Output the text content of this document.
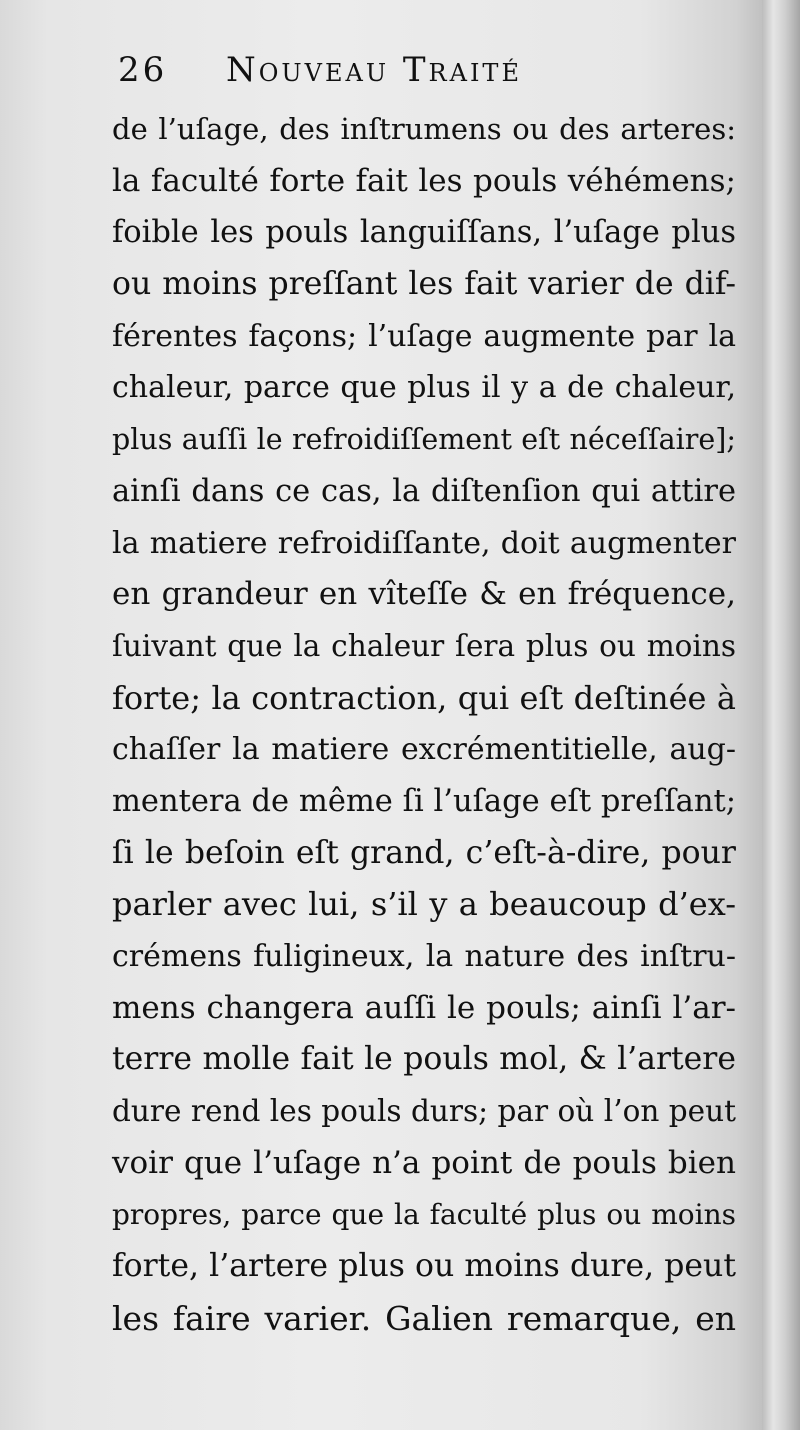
26 Nouveau Traité
de l’uſage, des inſtrumens ou des arteres:
la faculté forte fait les pouls véhémens;
foible les pouls languiſſans, l’uſage plus
ou moins preſſant les fait varier de dif-
férentes façons; l’uſage augmente par la
chaleur, parce que plus il y a de chaleur,
plus auſſi le refroidiſſement eſt néceſſaire];
ainſi dans ce cas, la diſtenſion qui attire
la matiere refroidiſſante, doit augmenter
en grandeur en vîteſſe & en fréquence,
ſuivant que la chaleur ſera plus ou moins
forte; la contraction, qui eſt deſtinée à
chaſſer la matiere excrémentitielle, aug-
mentera de même ſi l’uſage eſt preſſant;
ſi le beſoin eſt grand, c’eſt-à-dire, pour
parler avec lui, s’il y a beaucoup d’ex-
crémens fuligineux, la nature des inſtru-
mens changera auſſi le pouls; ainſi l’ar-
terre molle fait le pouls mol, & l’artere
dure rend les pouls durs; par où l’on peut
voir que l’uſage n’a point de pouls bien
propres, parce que la faculté plus ou moins
forte, l’artere plus ou moins dure, peut
les faire varier. Galien remarque, en
